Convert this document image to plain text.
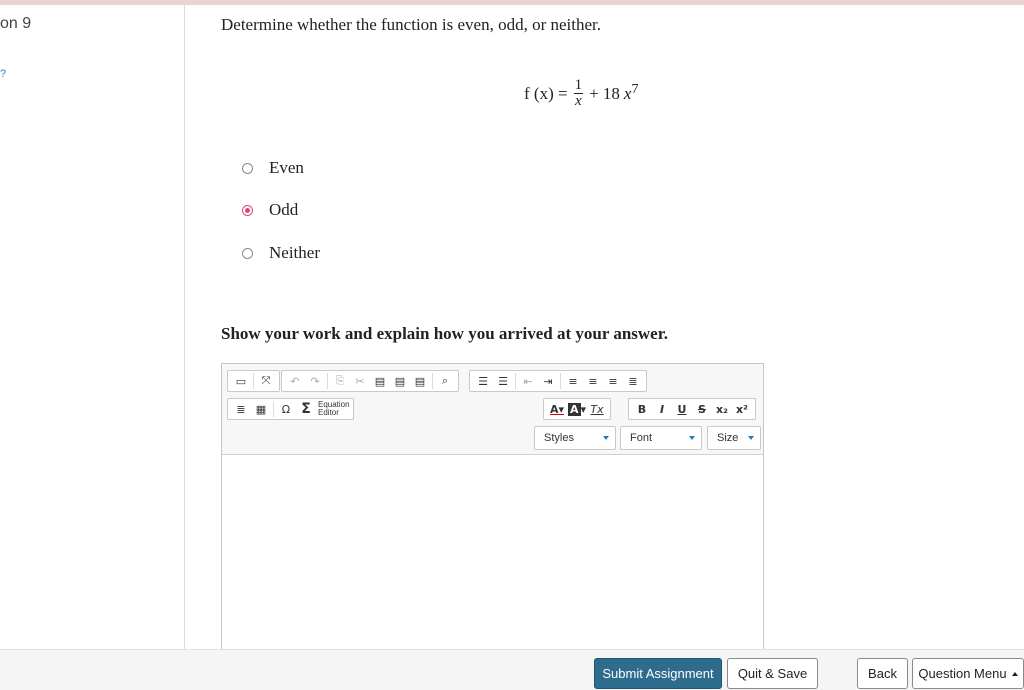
on 9
?
Determine whether the function is even, odd, or neither.
f $(x) = \frac{1}{x} + 18$ $x^7$
Even
Odd
Neither
Show your work and explain how you arrived at your answer.
▭	⤧	↶ ↷	⎘ ✂ ▤ ▤ ▤	⌕	☰ ☰	⇤ ⇥	≡ ≡ ≡ ≣
≣ ▦	Ω Σ Equation
Editor	A▾ A ▾ Tx	B	I	U	S x₂ x²
Styles	Font	Size
Submit Assignment	Quit & Save	Back	Question Menu
